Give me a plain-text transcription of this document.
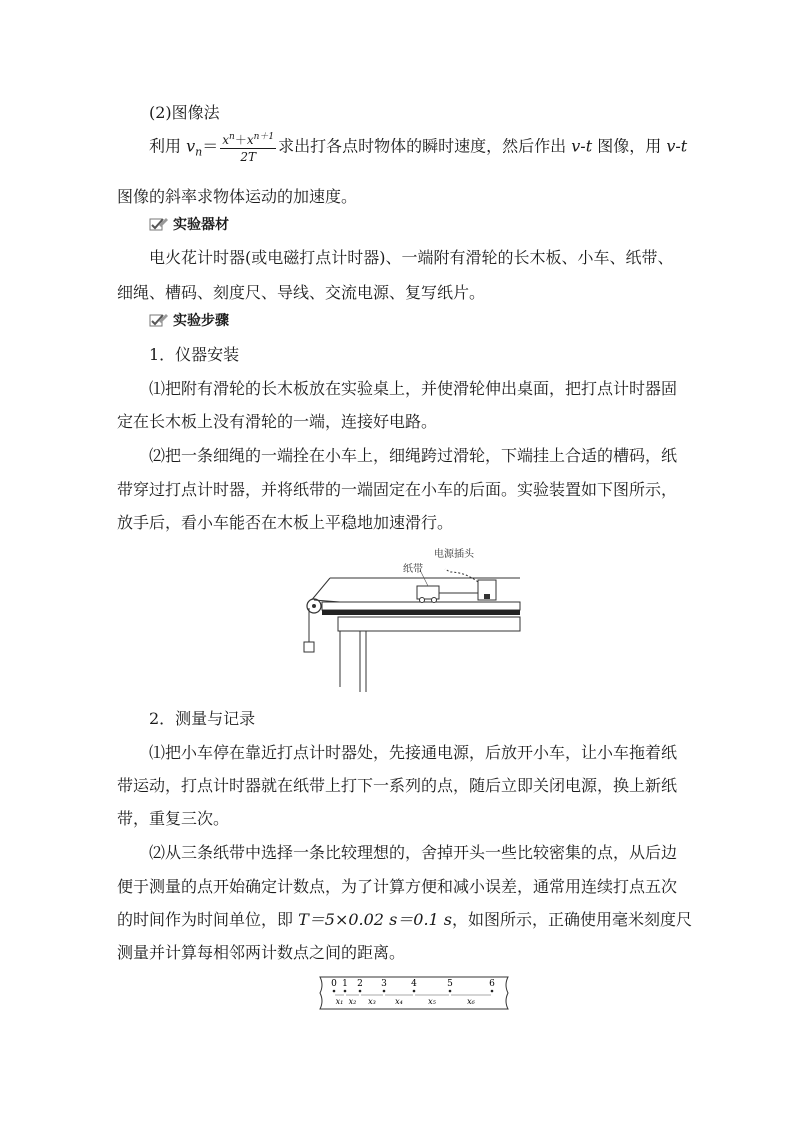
(2)图像法
利用 $v_n= \frac{x^n+x^{n+1}}{2T}$ 求出打各点时物体的瞬时速度，然后作出 v-t 图像，用 v-t
图像的斜率求物体运动的加速度。
实验器材
电火花计时器(或电磁打点计时器)、一端附有滑轮的长木板、小车、纸带、
细绳、槽码、刻度尺、导线、交流电源、复写纸片。
实验步骤
1．仪器安装
⑴把附有滑轮的长木板放在实验桌上，并使滑轮伸出桌面，把打点计时器固
定在长木板上没有滑轮的一端，连接好电路。
⑵把一条细绳的一端拴在小车上，细绳跨过滑轮，下端挂上合适的槽码，纸
带穿过打点计时器，并将纸带的一端固定在小车的后面。实验装置如下图所示，
放手后，看小车能否在木板上平稳地加速滑行。
纸带
电源插头
2．测量与记录
⑴把小车停在靠近打点计时器处，先接通电源，后放开小车，让小车拖着纸
带运动，打点计时器就在纸带上打下一系列的点，随后立即关闭电源，换上新纸
带，重复三次。
⑵从三条纸带中选择一条比较理想的，舍掉开头一些比较密集的点，从后边
便于测量的点开始确定计数点，为了计算方便和减小误差，通常用连续打点五次
的时间作为时间单位，即 T＝5×0.02 s＝0.1 s，如图所示，正确使用毫米刻度尺
测量并计算每相邻两计数点之间的距离。
0 1 2 3	4	5	6
x₁ x₂ x₃ x₄	x₅	x₆
